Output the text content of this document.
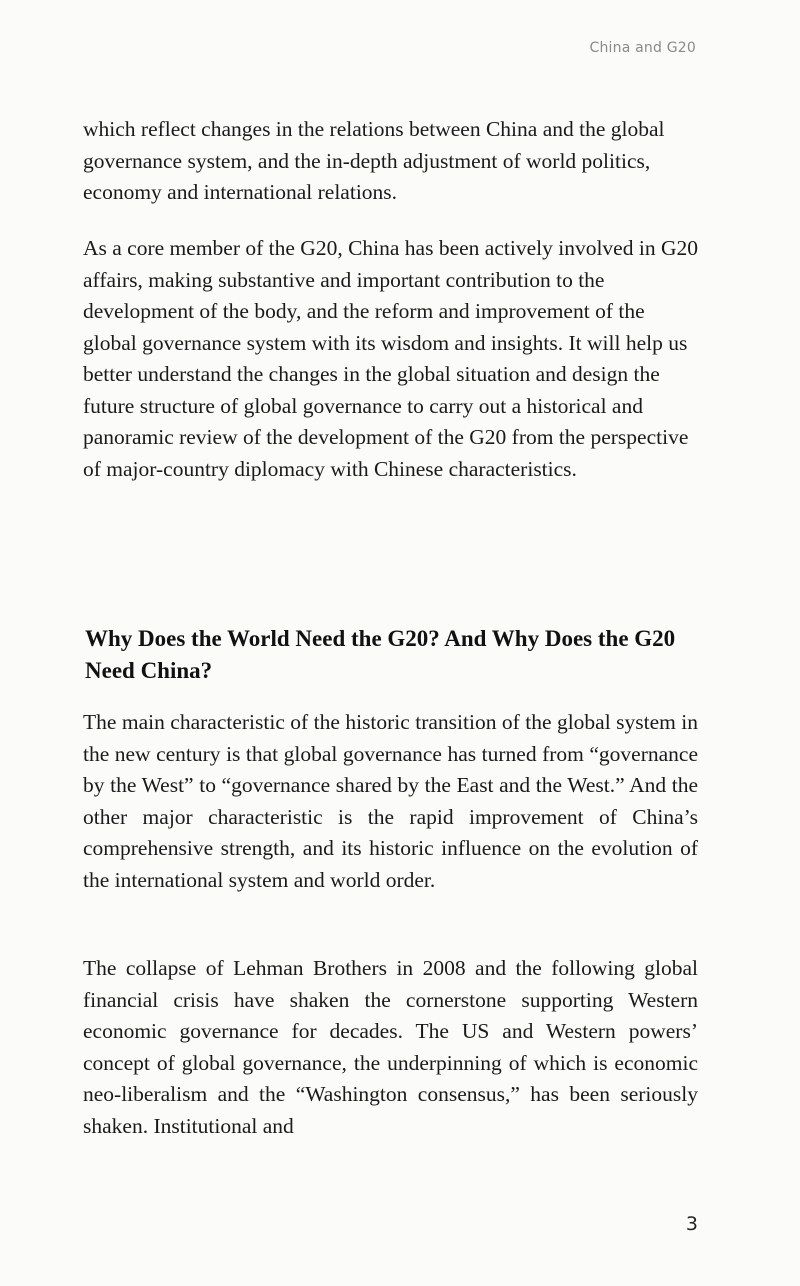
China and G20

which reflect changes in the relations between China and the global governance system, and the in-depth adjustment of world politics, economy and international relations.

As a core member of the G20, China has been actively involved in G20 affairs, making substantive and important contribution to the development of the body, and the reform and improvement of the global governance system with its wisdom and insights. It will help us better understand the changes in the global situation and design the future structure of global governance to carry out a historical and panoramic review of the development of the G20 from the perspective of major-country diplomacy with Chinese characteristics.

Why Does the World Need the G20? And Why Does the G20 Need China?

The main characteristic of the historic transition of the global system in the new century is that global governance has turned from “governance by the West” to “governance shared by the East and the West.” And the other major characteristic is the rapid improvement of China’s comprehensive strength, and its historic influence on the evolution of the international system and world order.

The collapse of Lehman Brothers in 2008 and the following global financial crisis have shaken the cornerstone supporting Western economic governance for decades. The US and Western powers’ concept of global governance, the underpinning of which is economic neo-liberalism and the “Washington consensus,” has been seriously shaken. Institutional and

3
